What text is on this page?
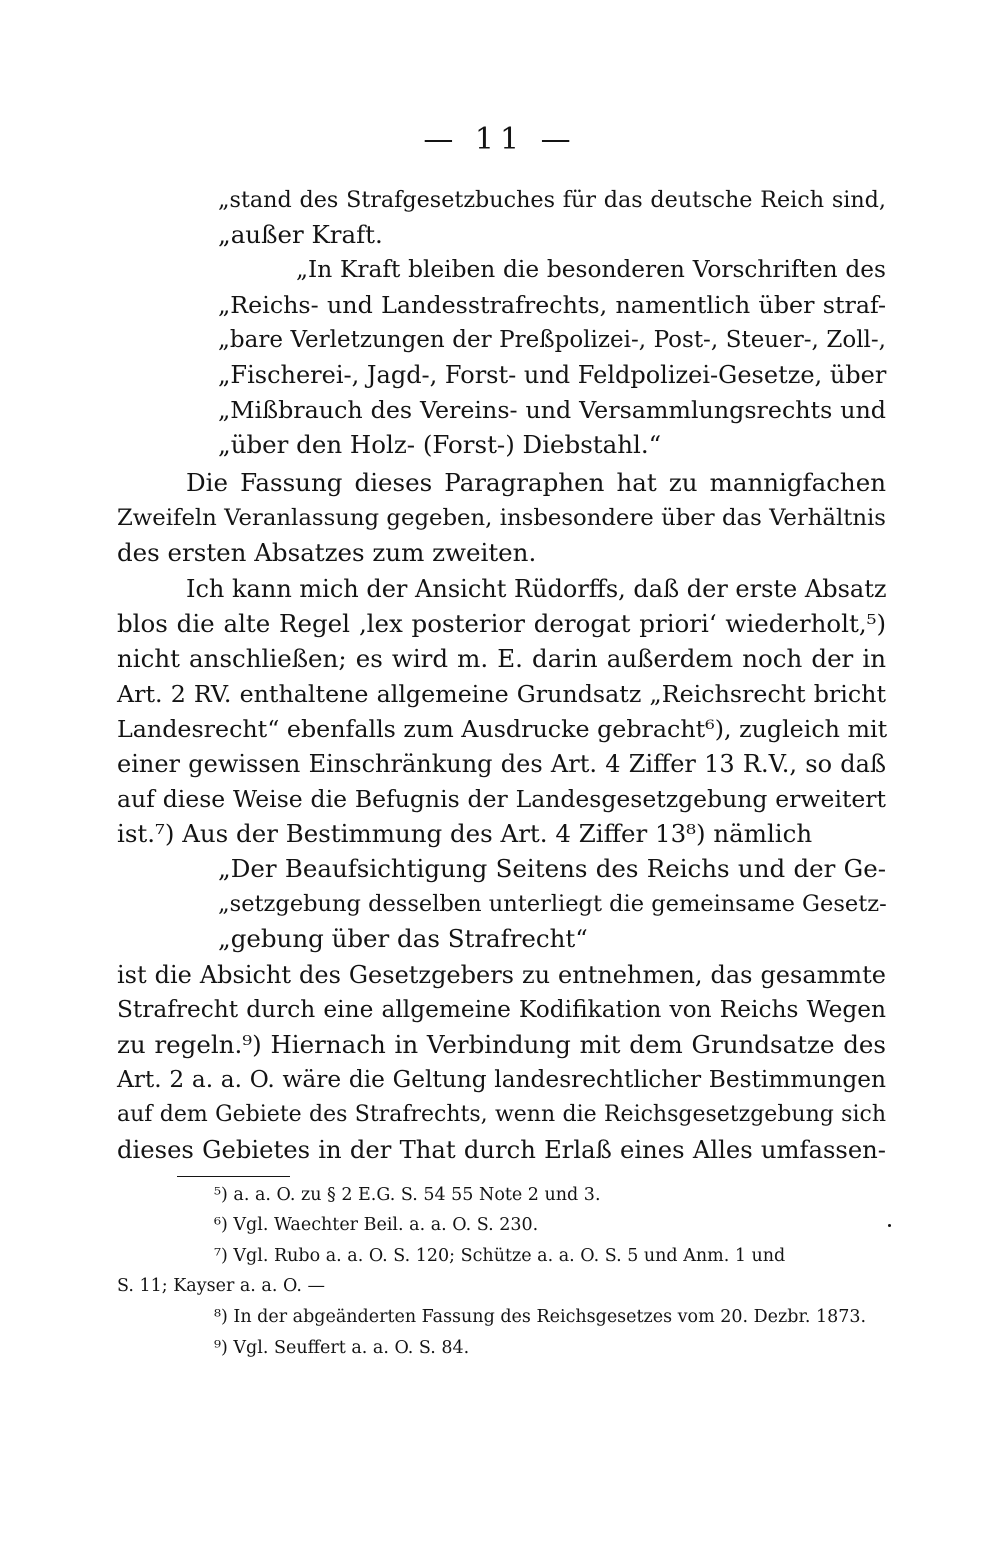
— 11 —
„stand des Strafgesetzbuches für das deutsche Reich sind,
„außer Kraft.
„In Kraft bleiben die besonderen Vorschriften des
„Reichs- und Landesstrafrechts, namentlich über straf-
„bare Verletzungen der Preßpolizei-, Post-, Steuer-, Zoll-,
„Fischerei-, Jagd-, Forst- und Feldpolizei-Gesetze, über
„Mißbrauch des Vereins- und Versammlungsrechts und
„über den Holz- (Forst-) Diebstahl.“
Die Fassung dieses Paragraphen hat zu mannigfachen
Zweifeln Veranlassung gegeben, insbesondere über das Verhältnis
des ersten Absatzes zum zweiten.
Ich kann mich der Ansicht Rüdorffs, daß der erste Absatz
blos die alte Regel ‚lex posterior derogat priori‘ wiederholt,⁵)
nicht anschließen; es wird m. E. darin außerdem noch der in
Art. 2 RV. enthaltene allgemeine Grundsatz „Reichsrecht bricht
Landesrecht“ ebenfalls zum Ausdrucke gebracht⁶), zugleich mit
einer gewissen Einschränkung des Art. 4 Ziffer 13 R.V., so daß
auf diese Weise die Befugnis der Landesgesetzgebung erweitert
ist.⁷) Aus der Bestimmung des Art. 4 Ziffer 13⁸) nämlich
„Der Beaufsichtigung Seitens des Reichs und der Ge-
„setzgebung desselben unterliegt die gemeinsame Gesetz-
„gebung über das Strafrecht“
ist die Absicht des Gesetzgebers zu entnehmen, das gesammte
Strafrecht durch eine allgemeine Kodifikation von Reichs Wegen
zu regeln.⁹) Hiernach in Verbindung mit dem Grundsatze des
Art. 2 a. a. O. wäre die Geltung landesrechtlicher Bestimmungen
auf dem Gebiete des Strafrechts, wenn die Reichsgesetzgebung sich
dieses Gebietes in der That durch Erlaß eines Alles umfassen-
⁵) a. a. O. zu § 2 E.G. S. 54 55 Note 2 und 3.
⁶) Vgl. Waechter Beil. a. a. O. S. 230.
⁷) Vgl. Rubo a. a. O. S. 120; Schütze a. a. O. S. 5 und Anm. 1 und
S. 11; Kayser a. a. O. —
⁸) In der abgeänderten Fassung des Reichsgesetzes vom 20. Dezbr. 1873.
⁹) Vgl. Seuffert a. a. O. S. 84.
